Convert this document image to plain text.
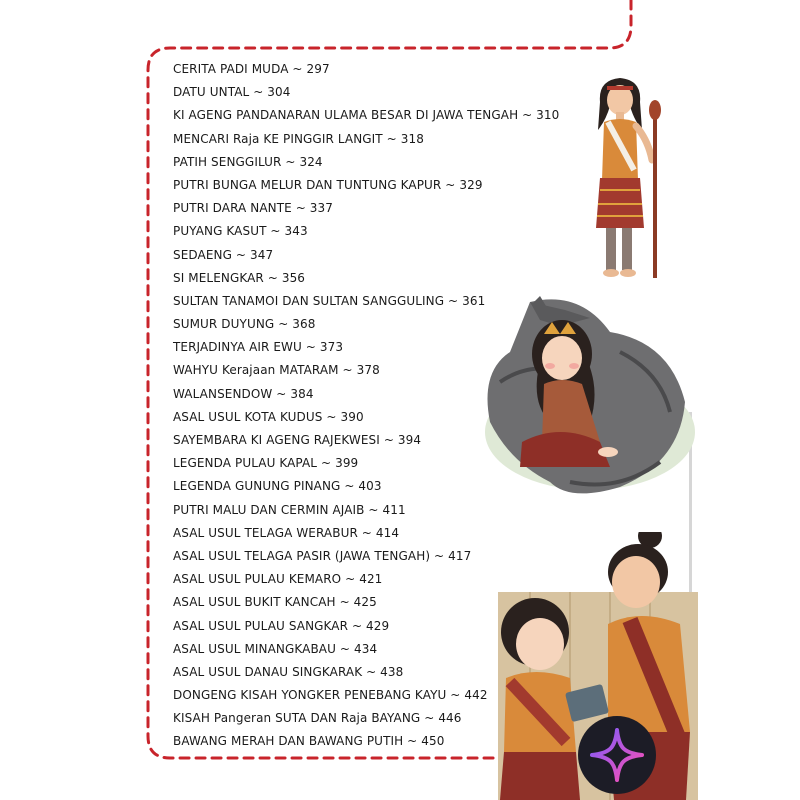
CERITA PADI MUDA ~ 297
DATU UNTAL ~ 304
KI AGENG PANDANARAN ULAMA BESAR DI JAWA TENGAH ~ 310
MENCARI Raja KE PINGGIR LANGIT ~ 318
PATIH SENGGILUR ~ 324
PUTRI BUNGA MELUR DAN TUNTUNG KAPUR ~ 329
PUTRI DARA NANTE ~ 337
PUYANG KASUT ~ 343
SEDAENG ~ 347
SI MELENGKAR ~ 356
SULTAN TANAMOI DAN SULTAN SANGGULING ~ 361
SUMUR DUYUNG ~ 368
TERJADINYA AIR EWU ~ 373
WAHYU Kerajaan MATARAM ~ 378
WALANSENDOW ~ 384
ASAL USUL KOTA KUDUS ~ 390
SAYEMBARA KI AGENG RAJEKWESI ~ 394
LEGENDA PULAU KAPAL ~ 399
LEGENDA GUNUNG PINANG ~ 403
PUTRI MALU DAN CERMIN AJAIB ~ 411
ASAL USUL TELAGA WERABUR ~ 414
ASAL USUL TELAGA PASIR (JAWA TENGAH) ~ 417
ASAL USUL PULAU KEMARO ~ 421
ASAL USUL BUKIT KANCAH ~ 425
ASAL USUL PULAU SANGKAR ~ 429
ASAL USUL MINANGKABAU ~ 434
ASAL USUL DANAU SINGKARAK ~ 438
DONGENG KISAH YONGKER PENEBANG KAYU ~ 442
KISAH Pangeran SUTA DAN Raja BAYANG ~ 446
BAWANG MERAH DAN BAWANG PUTIH ~ 450
